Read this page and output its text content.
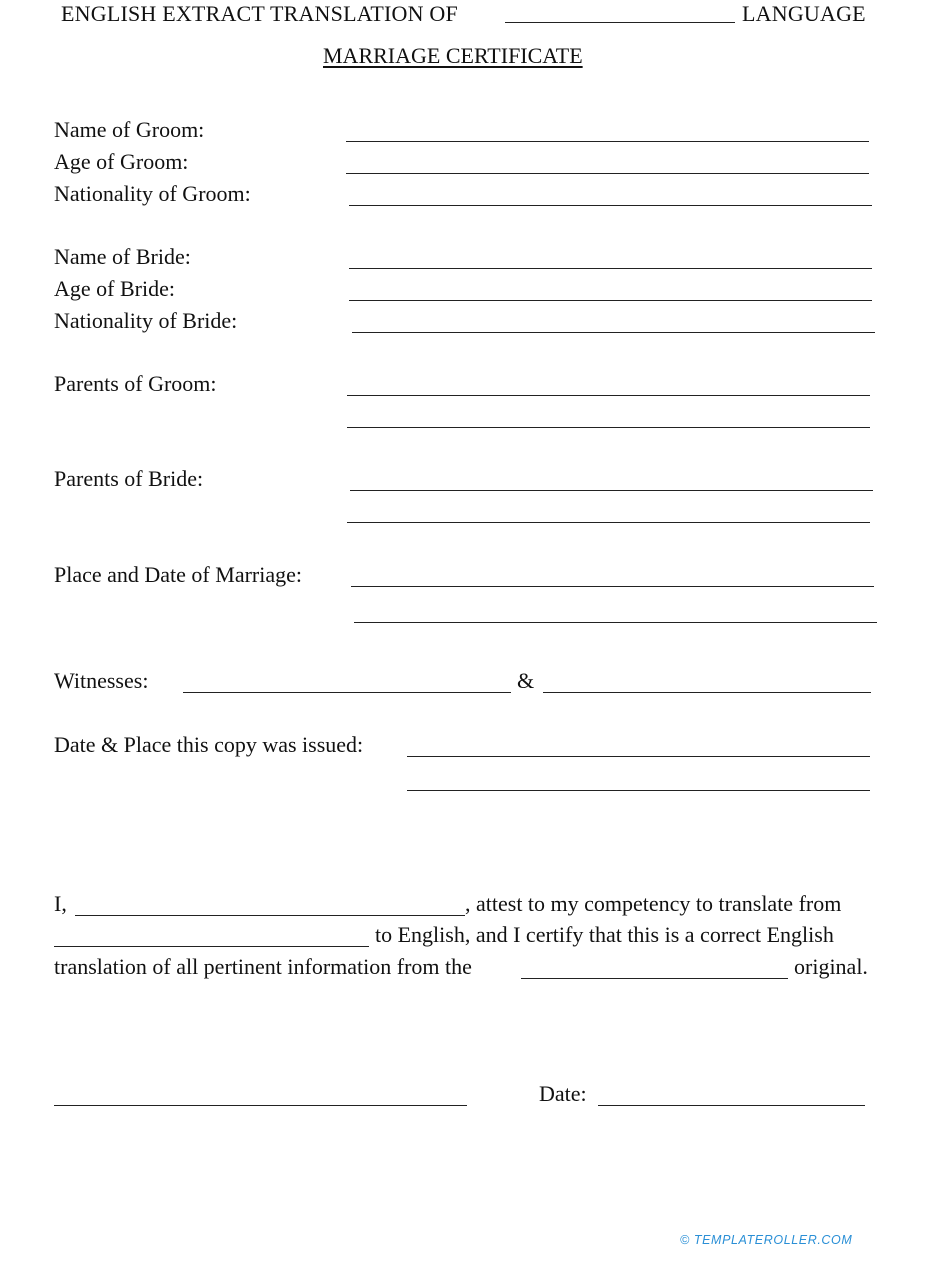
ENGLISH EXTRACT TRANSLATION OF	LANGUAGE
MARRIAGE CERTIFICATE
Name of Groom:
Age of Groom:
Nationality of Groom:
Name of Bride:
Age of Bride:
Nationality of Bride:
Parents of Groom:
Parents of Bride:
Place and Date of Marriage:
Witnesses:	&
Date & Place this copy was issued:
I,	, attest to my competency to translate from
to English, and I certify that this is a correct English
translation of all pertinent information from the	original.
Date:
© TEMPLATEROLLER.COM
